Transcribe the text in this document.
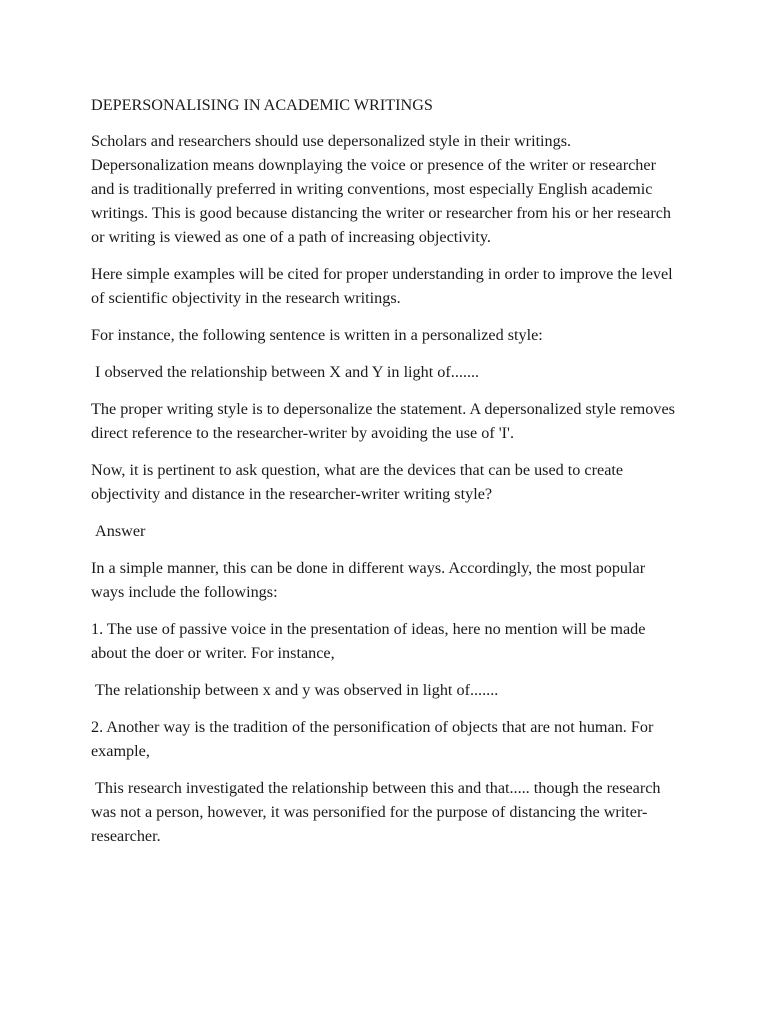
DEPERSONALISING IN ACADEMIC WRITINGS

Scholars and researchers should use depersonalized style in their writings. Depersonalization means downplaying the voice or presence of the writer or researcher and is traditionally preferred in writing conventions, most especially English academic writings. This is good because distancing the writer or researcher from his or her research or writing is viewed as one of a path of increasing objectivity.

Here simple examples will be cited for proper understanding in order to improve the level of scientific objectivity in the research writings.

For instance, the following sentence is written in a personalized style:

I observed the relationship between X and Y in light of.......

The proper writing style is to depersonalize the statement. A depersonalized style removes direct reference to the researcher-writer by avoiding the use of 'I'.

Now, it is pertinent to ask question, what are the devices that can be used to create objectivity and distance in the researcher-writer writing style?

Answer

In a simple manner, this can be done in different ways. Accordingly, the most popular ways include the followings:

1. The use of passive voice in the presentation of ideas, here no mention will be made about the doer or writer. For instance,

The relationship between x and y was observed in light of.......

2. Another way is the tradition of the personification of objects that are not human. For example,

This research investigated the relationship between this and that..... though the research was not a person, however, it was personified for the purpose of distancing the writer-researcher.
